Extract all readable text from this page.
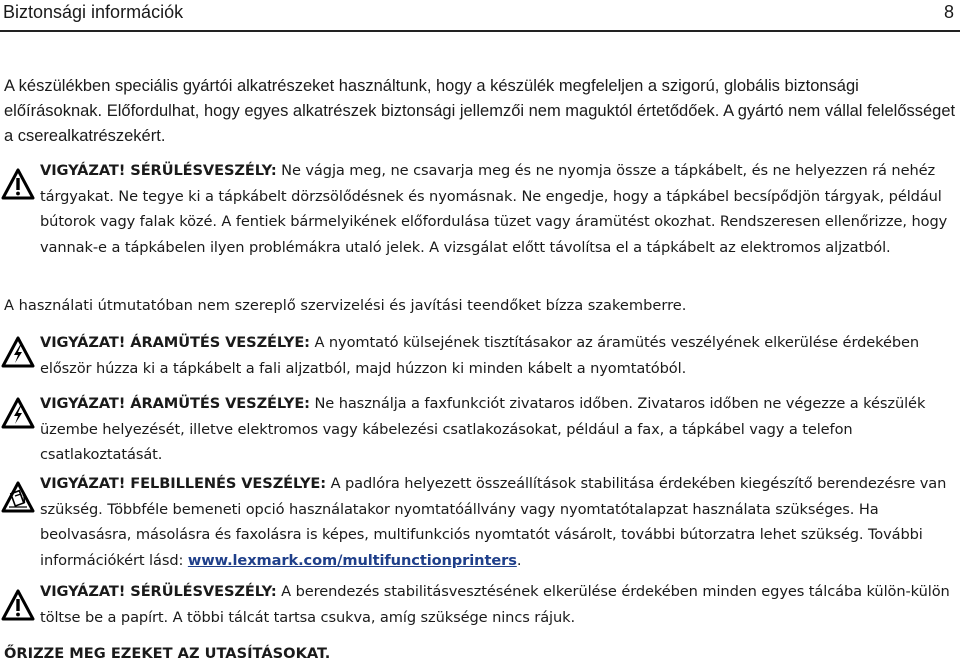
Biztonsági információk	8
A készülékben speciális gyártói alkatrészeket használtunk, hogy a készülék megfeleljen a szigorú, globális biztonsági előírásoknak. Előfordulhat, hogy egyes alkatrészek biztonsági jellemzői nem maguktól értetődőek. A gyártó nem vállal felelősséget a cserealkatrészekért.
VIGYÁZAT! SÉRÜLÉSVESZÉLY: Ne vágja meg, ne csavarja meg és ne nyomja össze a tápkábelt, és ne helyezzen rá nehéz tárgyakat. Ne tegye ki a tápkábelt dörzsölődésnek és nyomásnak. Ne engedje, hogy a tápkábel becsípődjön tárgyak, például bútorok vagy falak közé. A fentiek bármelyikének előfordulása tüzet vagy áramütést okozhat. Rendszeresen ellenőrizze, hogy vannak-e a tápkábelen ilyen problémákra utaló jelek. A vizsgálat előtt távolítsa el a tápkábelt az elektromos aljzatból.
A használati útmutatóban nem szereplő szervizelési és javítási teendőket bízza szakemberre.
VIGYÁZAT! ÁRAMÜTÉS VESZÉLYE: A nyomtató külsejének tisztításakor az áramütés veszélyének elkerülése érdekében először húzza ki a tápkábelt a fali aljzatból, majd húzzon ki minden kábelt a nyomtatóból.
VIGYÁZAT! ÁRAMÜTÉS VESZÉLYE: Ne használja a faxfunkciót zivataros időben. Zivataros időben ne végezze a készülék üzembe helyezését, illetve elektromos vagy kábelezési csatlakozásokat, például a fax, a tápkábel vagy a telefon csatlakoztatását.
VIGYÁZAT! FELBILLENÉS VESZÉLYE: A padlóra helyezett összeállítások stabilitása érdekében kiegészítő berendezésre van szükség. Többféle bemeneti opció használatakor nyomtatóállvány vagy nyomtatótalapzat használata szükséges. Ha beolvasásra, másolásra és faxolásra is képes, multifunkciós nyomtatót vásárolt, további bútorzatra lehet szükség. További információkért lásd: www.lexmark.com/multifunctionprinters.
VIGYÁZAT! SÉRÜLÉSVESZÉLY: A berendezés stabilitásvesztésének elkerülése érdekében minden egyes tálcába külön-külön töltse be a papírt. A többi tálcát tartsa csukva, amíg szüksége nincs rájuk.
ŐRIZZE MEG EZEKET AZ UTASÍTÁSOKAT.
